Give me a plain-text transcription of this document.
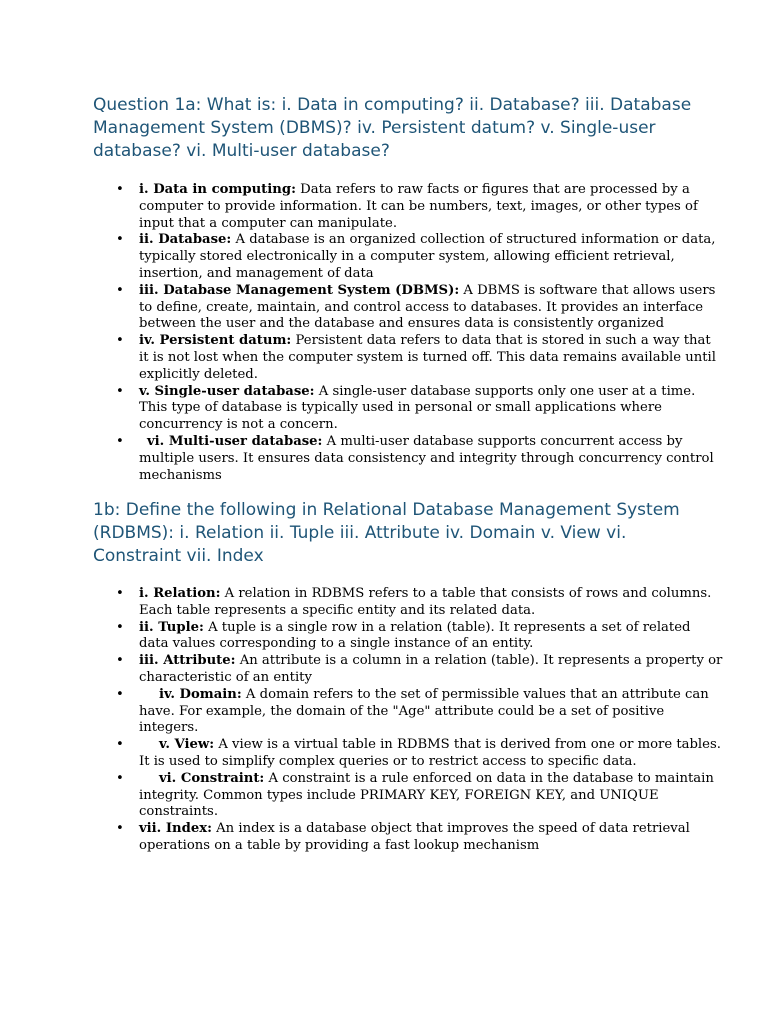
Question 1a: What is: i. Data in computing? ii. Database? iii. Database Management System (DBMS)? iv. Persistent datum? v. Single-user database? vi. Multi-user database?
• i. Data in computing: Data refers to raw facts or figures that are processed by a computer to provide information. It can be numbers, text, images, or other types of input that a computer can manipulate.
• ii. Database: A database is an organized collection of structured information or data, typically stored electronically in a computer system, allowing efficient retrieval, insertion, and management of data
• iii. Database Management System (DBMS): A DBMS is software that allows users to define, create, maintain, and control access to databases. It provides an interface between the user and the database and ensures data is consistently organized
• iv. Persistent datum: Persistent data refers to data that is stored in such a way that it is not lost when the computer system is turned off. This data remains available until explicitly deleted.
• v. Single-user database: A single-user database supports only one user at a time. This type of database is typically used in personal or small applications where concurrency is not a concern.
• vi. Multi-user database: A multi-user database supports concurrent access by multiple users. It ensures data consistency and integrity through concurrency control mechanisms
1b: Define the following in Relational Database Management System (RDBMS): i. Relation ii. Tuple iii. Attribute iv. Domain v. View vi. Constraint vii. Index
• i. Relation: A relation in RDBMS refers to a table that consists of rows and columns. Each table represents a specific entity and its related data.
• ii. Tuple: A tuple is a single row in a relation (table). It represents a set of related data values corresponding to a single instance of an entity.
• iii. Attribute: An attribute is a column in a relation (table). It represents a property or characteristic of an entity
• iv. Domain: A domain refers to the set of permissible values that an attribute can have. For example, the domain of the "Age" attribute could be a set of positive integers.
• v. View: A view is a virtual table in RDBMS that is derived from one or more tables. It is used to simplify complex queries or to restrict access to specific data.
• vi. Constraint: A constraint is a rule enforced on data in the database to maintain integrity. Common types include PRIMARY KEY, FOREIGN KEY, and UNIQUE constraints.
• vii. Index: An index is a database object that improves the speed of data retrieval operations on a table by providing a fast lookup mechanism
